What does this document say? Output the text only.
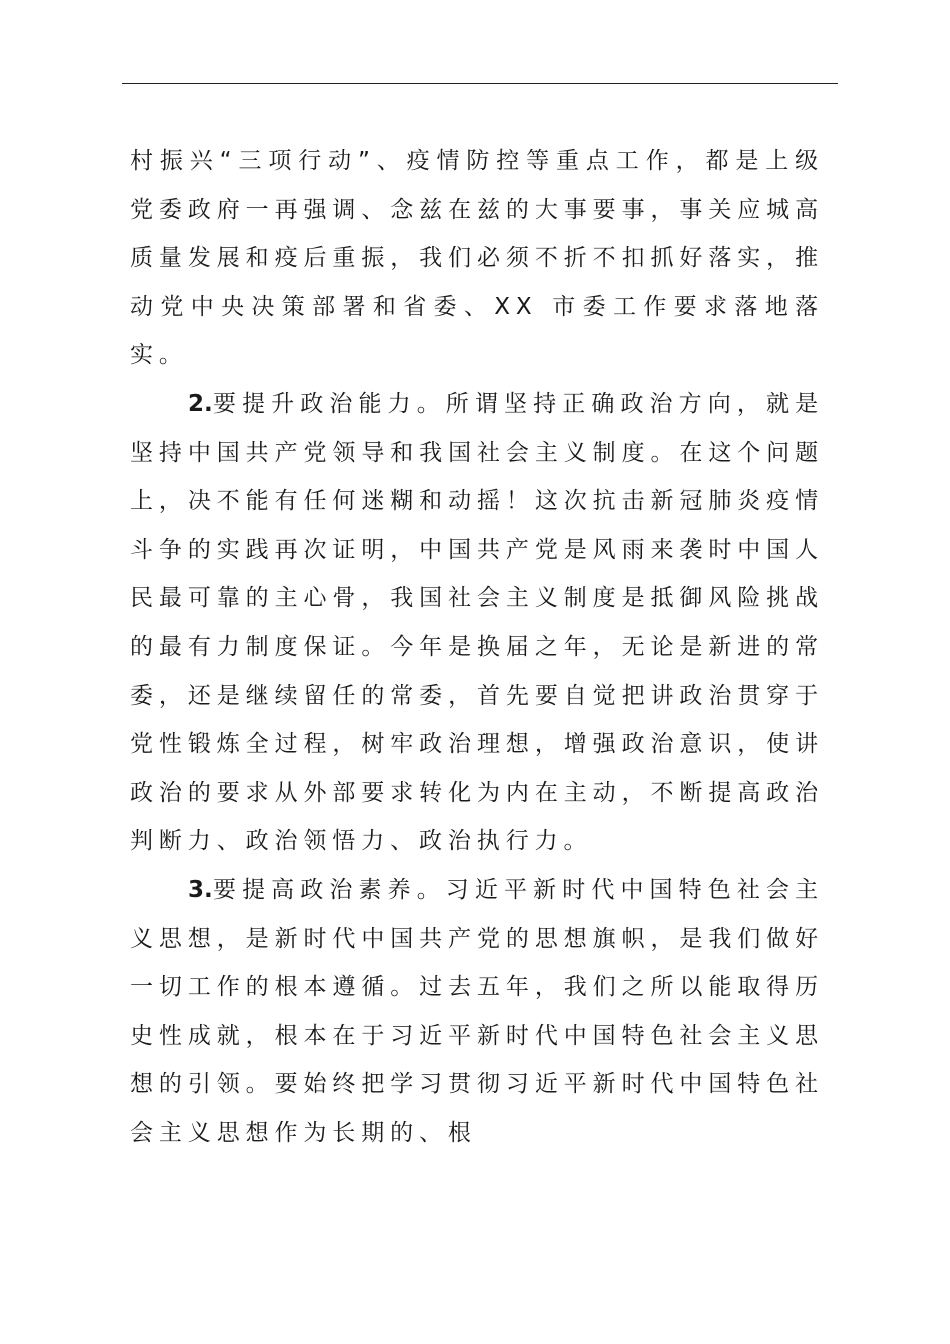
村振兴“三项行动”、疫情防控等重点工作，都是上级党委政府一再强调、念兹在兹的大事要事，事关应城高质量发展和疫后重振，我们必须不折不扣抓好落实，推动党中央决策部署和省委、XX 市委工作要求落地落实。

2.要提升政治能力。所谓坚持正确政治方向，就是坚持中国共产党领导和我国社会主义制度。在这个问题上，决不能有任何迷糊和动摇！这次抗击新冠肺炎疫情斗争的实践再次证明，中国共产党是风雨来袭时中国人民最可靠的主心骨，我国社会主义制度是抵御风险挑战的最有力制度保证。今年是换届之年，无论是新进的常委，还是继续留任的常委，首先要自觉把讲政治贯穿于党性锻炼全过程，树牢政治理想，增强政治意识，使讲政治的要求从外部要求转化为内在主动，不断提高政治判断力、政治领悟力、政治执行力。

3.要提高政治素养。习近平新时代中国特色社会主义思想，是新时代中国共产党的思想旗帜，是我们做好一切工作的根本遵循。过去五年，我们之所以能取得历史性成就，根本在于习近平新时代中国特色社会主义思想的引领。要始终把学习贯彻习近平新时代中国特色社会主义思想作为长期的、根
